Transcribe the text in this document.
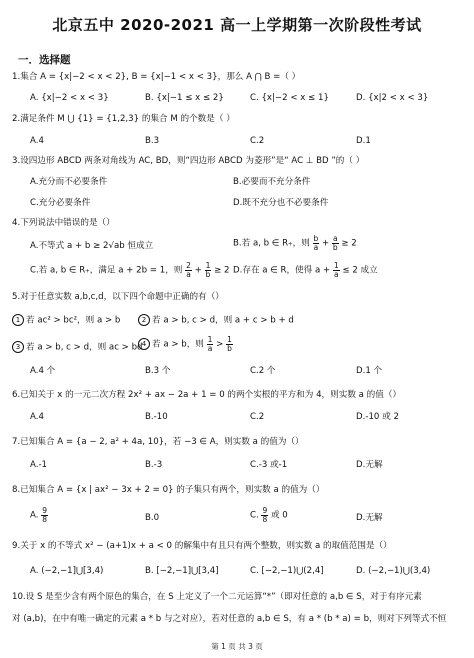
北京五中 2020-2021 高一上学期第一次阶段性考试
一．选择题
1.集合 A = {x|−2 < x < 2}, B = {x|−1 < x < 3}，那么 A ⋂ B =（ ）
A. {x|−2 < x < 3}	B. {x|−1 ≤ x ≤ 2}	C. {x|−2 < x ≤ 1}	D. {x|2 < x < 3}
2.满足条件 M ⋃ {1} = {1,2,3} 的集合 M 的个数是（ ）
A.4	B.3	C.2	D.1
3.设四边形 ABCD 两条对角线为 AC, BD，则“四边形 ABCD 为菱形”是“ AC ⊥ BD ”的（ ）
A.充分而不必要条件	B.必要而不充分条件
C.充分必要条件	D.既不充分也不必要条件
4.下列说法中错误的是（）
A.不等式 a + b ≥ 2√ab 恒成立	B.若 a, b ∈ R₊，则 $\frac{b}{a} + \frac{a}{b} \ge 2$
C.若 a, b ∈ R₊，满足 a + 2b = 1，则 $\frac{2}{a} + \frac{1}{b} \ge 2$ D.存在 a ∈ R，使得 $a + \frac{1}{a} \le 2$ 成立
5.对于任意实数 a,b,c,d，以下四个命题中正确的有（）
1 若 ac² > bc²，则 a > b	2 若 a > b, c > d，则 a + c > b + d
3 若 a > b, c > d，则 ac > bd 4 若 a > b，则 $\frac{1}{a} > \frac{1}{b}$
A.4 个	B.3 个	C.2 个	D.1 个
6.已知关于 x 的一元二次方程 2x² + ax − 2a + 1 = 0 的两个实根的平方和为 4，则实数 a 的值（）
A.4	B.-10	C.2	D.-10 或 2
7.已知集合 A = {a − 2, a² + 4a, 10}，若 −3 ∈ A，则实数 a 的值为（）
A.-1	B.-3	C.-3 或-1	D.无解
8.已知集合 A = {x | ax² − 3x + 2 = 0} 的子集只有两个，则实数 a 的值为（）
A. $\frac{9}{8}$	B.0	C. $\frac{9}{8}$ 或 0	D.无解
9.关于 x 的不等式 x² − (a+1)x + a < 0 的解集中有且只有两个整数，则实数 a 的取值范围是（）
A. (−2,−1]⋃[3,4)	B. [−2,−1]⋃[3,4]	C. [−2,−1)⋃(2,4]	D. (−2,−1)⋃(3,4)
10.设 S 是至少含有两个原色的集合，在 S 上定义了一个二元运算“*”（即对任意的 a,b ∈ S，对于有序元素
对 (a,b)，在中有唯一确定的元素 a * b 与之对应），若对任意的 a,b ∈ S，有 a * (b * a) = b，则对下列等式不恒
第 1 页 共 3 页
